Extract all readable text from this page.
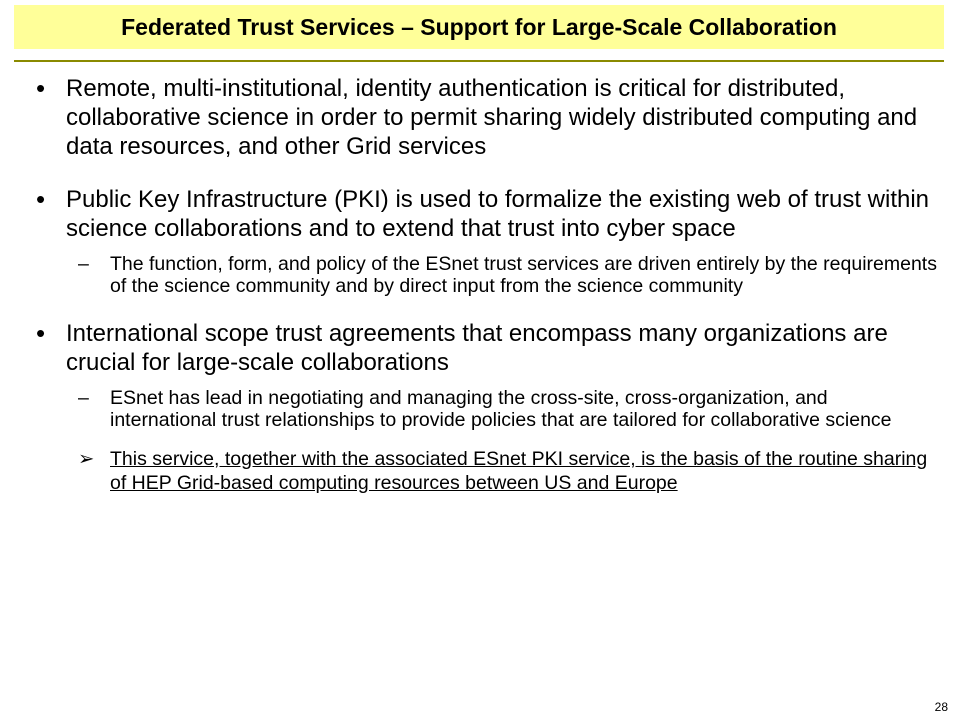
Federated Trust Services – Support for Large-Scale Collaboration
• Remote, multi-institutional, identity authentication is critical for distributed, collaborative science in order to permit sharing widely distributed computing and data resources, and other Grid services
• Public Key Infrastructure (PKI) is used to formalize the existing web of trust within science collaborations and to extend that trust into cyber space
– The function, form, and policy of the ESnet trust services are driven entirely by the requirements of the science community and by direct input from the science community
• International scope trust agreements that encompass many organizations are crucial for large-scale collaborations
– ESnet has lead in negotiating and managing the cross-site, cross-organization, and international trust relationships to provide policies that are tailored for collaborative science
➢ This service, together with the associated ESnet PKI service, is the basis of the routine sharing of HEP Grid-based computing resources between US and Europe
28
